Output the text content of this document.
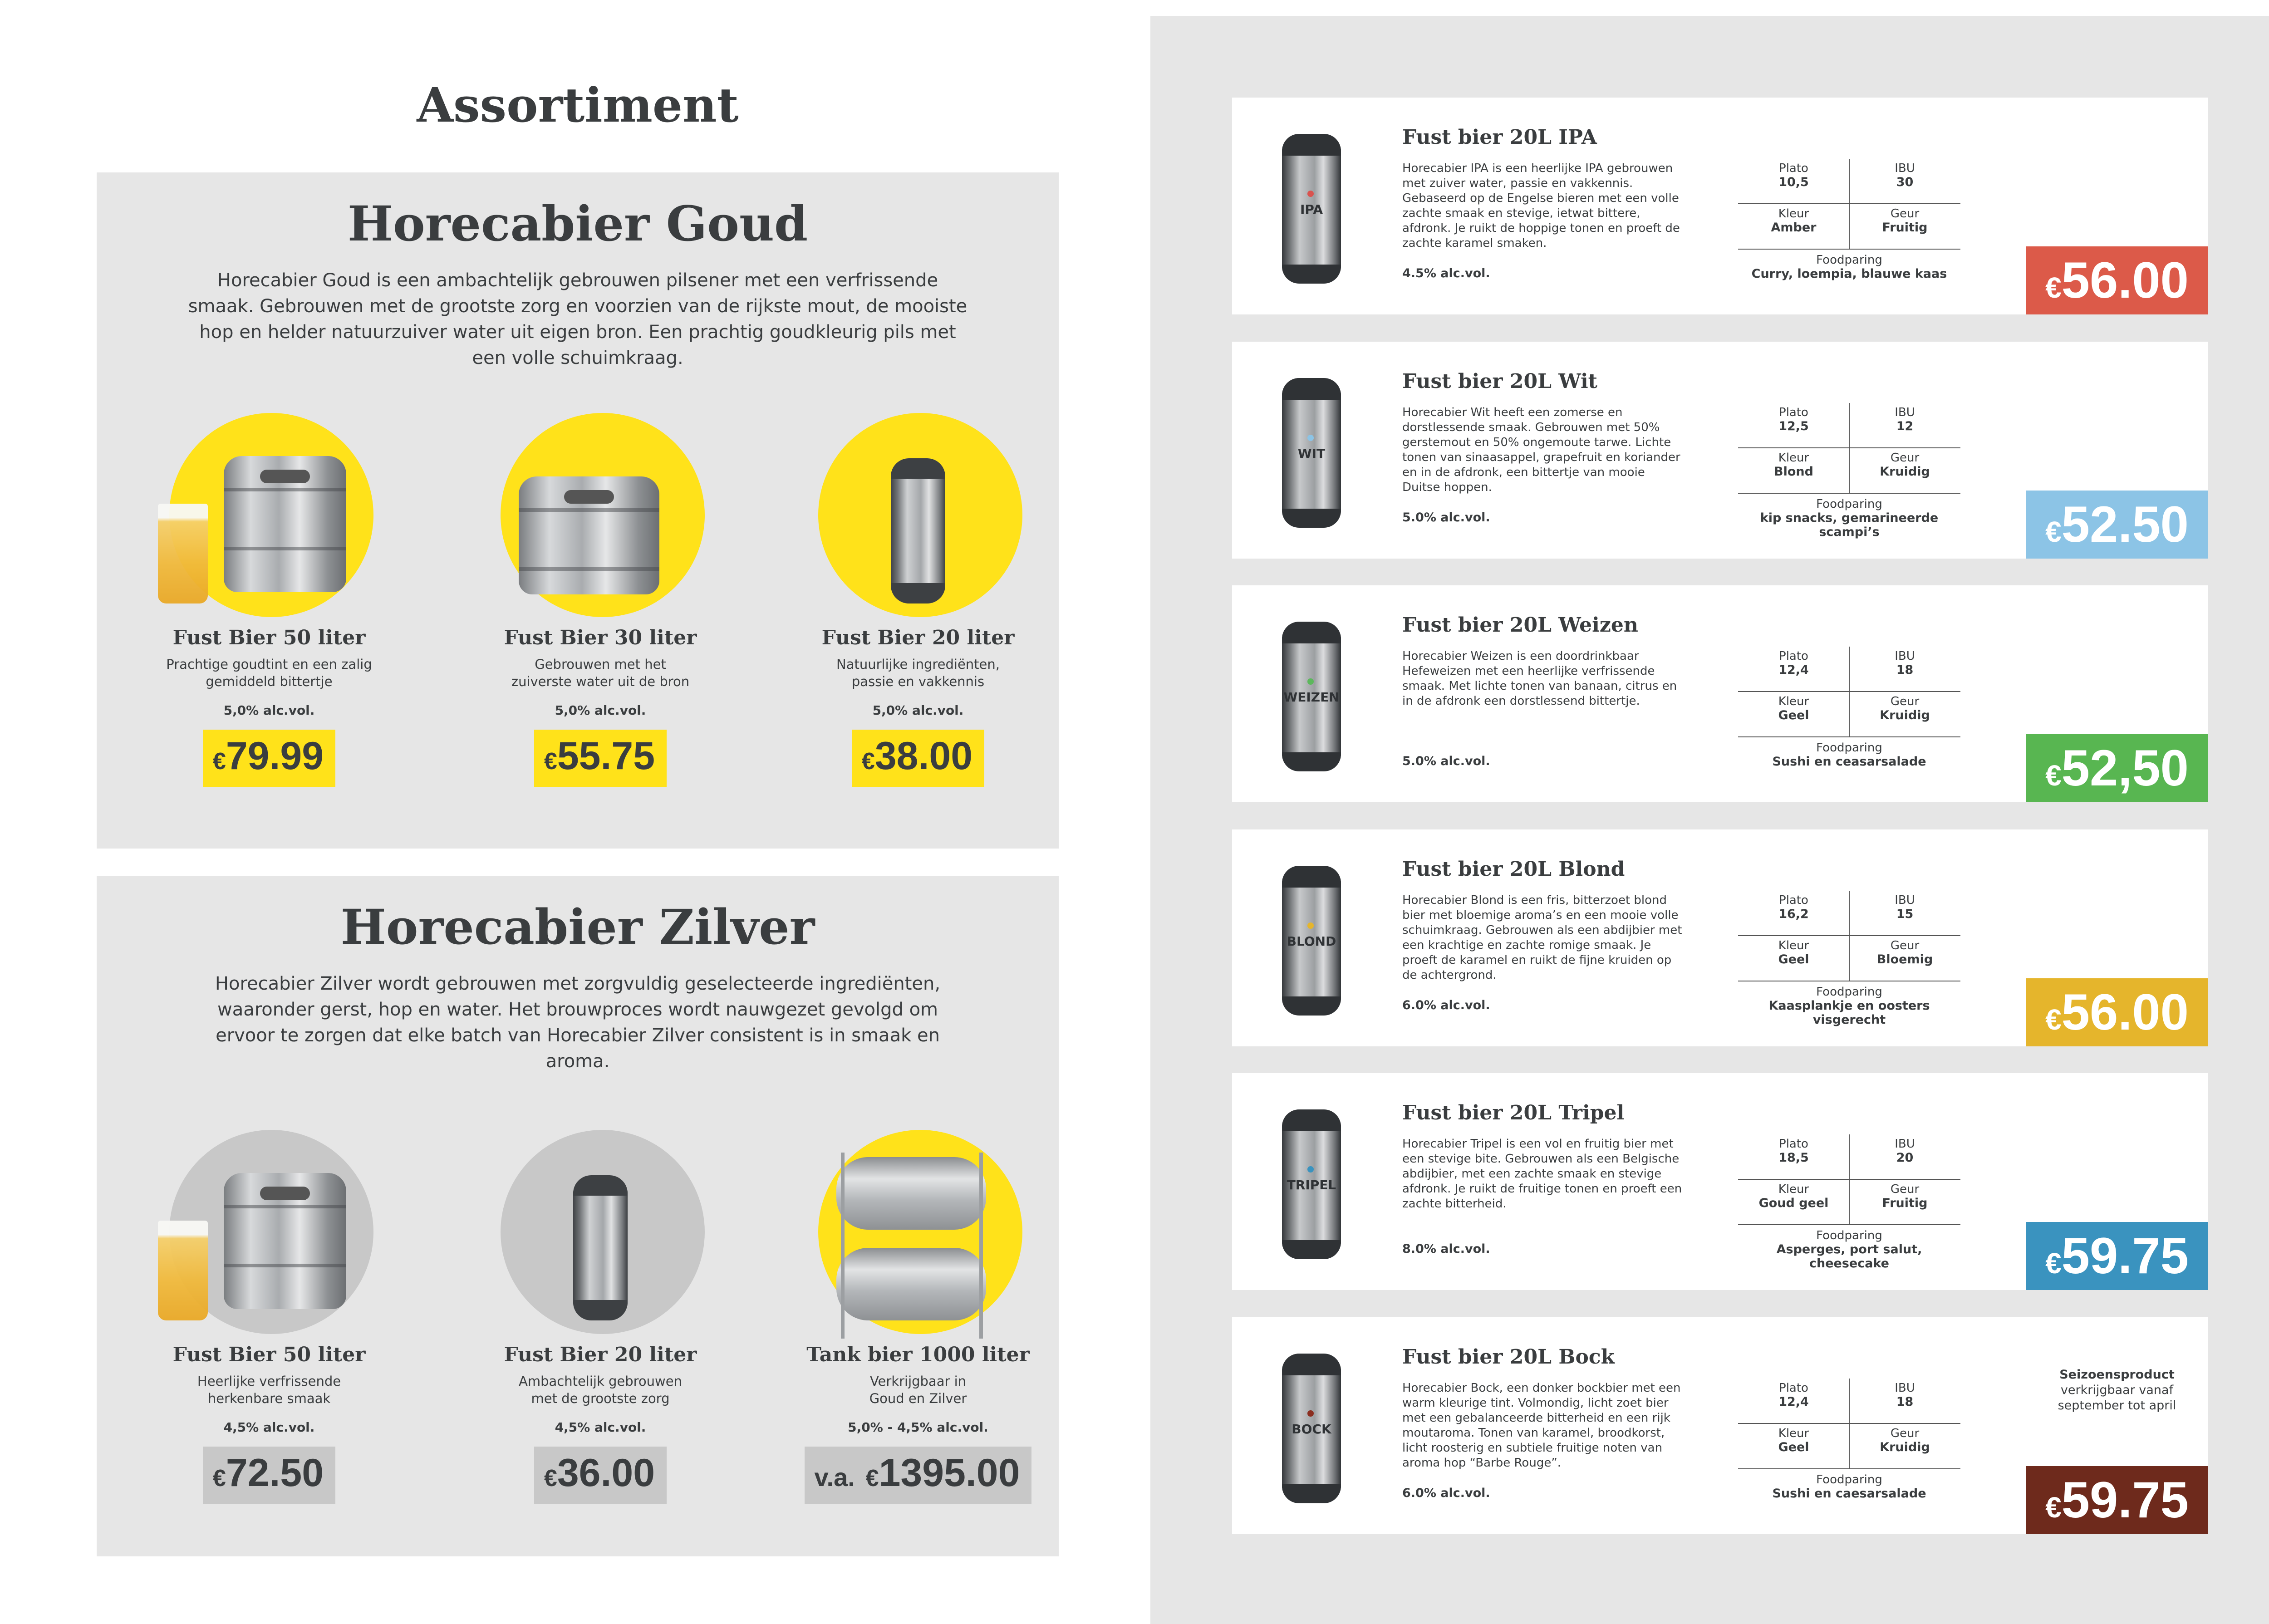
Assortiment
Horecabier Goud
Horecabier Goud is een ambachtelijk gebrouwen pilsener met een verfrissende smaak. Gebrouwen met de grootste zorg en voorzien van de rijkste mout, de mooiste hop en helder natuurzuiver water uit eigen bron. Een prachtig goudkleurig pils met een volle schuimkraag.
Fust Bier 50 liter
Prachtige goudtint en een zalig gemiddeld bittertje
5,0% alc.vol.
€79.99
Fust Bier 30 liter
Gebrouwen met het zuiverste water uit de bron
5,0% alc.vol.
€55.75
Fust Bier 20 liter
Natuurlijke ingrediënten, passie en vakkennis
5,0% alc.vol.
€38.00
Horecabier Zilver
Horecabier Zilver wordt gebrouwen met zorgvuldig geselecteerde ingrediënten, waaronder gerst, hop en water. Het brouwproces wordt nauwgezet gevolgd om ervoor te zorgen dat elke batch van Horecabier Zilver consistent is in smaak en aroma.
Fust Bier 50 liter
Heerlijke verfrissende herkenbare smaak
4,5% alc.vol.
€72.50
Fust Bier 20 liter
Ambachtelijk gebrouwen met de grootste zorg
4,5% alc.vol.
€36.00
Tank bier 1000 liter
Verkrijgbaar in Goud en Zilver
5,0% - 4,5% alc.vol.
v.a. €1395.00
IPA
Fust bier 20L IPA
Horecabier IPA is een heerlijke IPA gebrouwen met zuiver water, passie en vakkennis. Gebaseerd op de Engelse bieren met een volle zachte smaak en stevige, ietwat bittere, afdronk. Je ruikt de hoppige tonen en proeft de zachte karamel smaken.
4.5% alc.vol.
Plato
10,5
IBU
30
Kleur
Amber
Geur
Fruitig
Foodparing
Curry, loempia, blauwe kaas	€56.00
WIT
Fust bier 20L Wit
Horecabier Wit heeft een zomerse en dorstlessende smaak. Gebrouwen met 50% gerstemout en 50% ongemoute tarwe. Lichte tonen van sinaasappel, grapefruit en koriander en in de afdronk, een bittertje van mooie Duitse hoppen.
5.0% alc.vol.
Plato
12,5
IBU
12
Kleur
Blond
Geur
Kruidig
Foodparing
kip snacks, gemarineerde scampi’s	€52.50
WEIZEN
Fust bier 20L Weizen
Horecabier Weizen is een doordrinkbaar Hefeweizen met een heerlijke verfrissende smaak. Met lichte tonen van banaan, citrus en in de afdronk een dorstlessend bittertje.
5.0% alc.vol.
Plato
12,4
IBU
18
Kleur
Geel
Geur
Kruidig
Foodparing
Sushi en ceasarsalade	€52,50
BLOND
Fust bier 20L Blond
Horecabier Blond is een fris, bitterzoet blond bier met bloemige aroma’s en een mooie volle schuimkraag. Gebrouwen als een abdijbier met een krachtige en zachte romige smaak. Je proeft de karamel en ruikt de fijne kruiden op de achtergrond.
6.0% alc.vol.
Plato
16,2
IBU
15
Kleur
Geel
Geur
Bloemig
Foodparing
Kaasplankje en oosters visgerecht	€56.00
TRIPEL
Fust bier 20L Tripel
Horecabier Tripel is een vol en fruitig bier met een stevige bite. Gebrouwen als een Belgische abdijbier, met een zachte smaak en stevige afdronk. Je ruikt de fruitige tonen en proeft een zachte bitterheid.
8.0% alc.vol.
Plato
18,5
IBU
20
Kleur
Goud geel
Geur
Fruitig
Foodparing
Asperges, port salut, cheesecake	€59.75
BOCK
Fust bier 20L Bock
Horecabier Bock, een donker bockbier met een warm kleurige tint. Volmondig, licht zoet bier met een gebalanceerde bitterheid en een rijk moutaroma. Tonen van karamel, broodkorst, licht roosterig en subtiele fruitige noten van aroma hop “Barbe Rouge”.
6.0% alc.vol.
Plato
12,4
IBU
18
Kleur
Geel
Geur
Kruidig
Foodparing
Sushi en caesarsalade
Seizoensproduct
verkrijgbaar vanaf september tot april
€59.75
